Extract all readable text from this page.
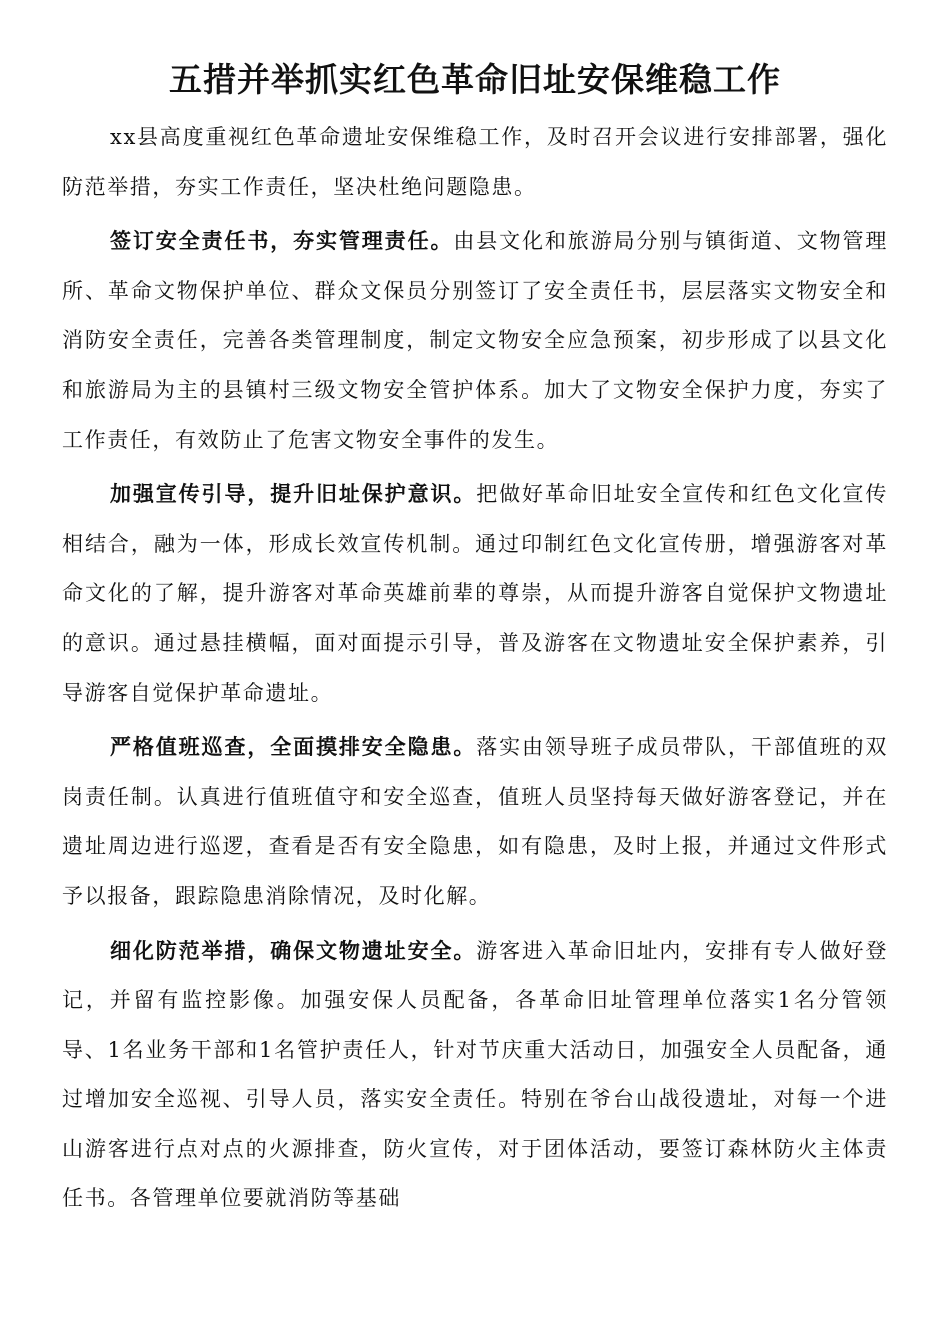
五措并举抓实红色革命旧址安保维稳工作

xx县高度重视红色革命遗址安保维稳工作，及时召开会议进行安排部署，强化防范举措，夯实工作责任，坚决杜绝问题隐患。

签订安全责任书，夯实管理责任。由县文化和旅游局分别与镇街道、文物管理所、革命文物保护单位、群众文保员分别签订了安全责任书，层层落实文物安全和消防安全责任，完善各类管理制度，制定文物安全应急预案，初步形成了以县文化和旅游局为主的县镇村三级文物安全管护体系。加大了文物安全保护力度，夯实了工作责任，有效防止了危害文物安全事件的发生。

加强宣传引导，提升旧址保护意识。把做好革命旧址安全宣传和红色文化宣传相结合，融为一体，形成长效宣传机制。通过印制红色文化宣传册，增强游客对革命文化的了解，提升游客对革命英雄前辈的尊崇，从而提升游客自觉保护文物遗址的意识。通过悬挂横幅，面对面提示引导，普及游客在文物遗址安全保护素养，引导游客自觉保护革命遗址。

严格值班巡查，全面摸排安全隐患。落实由领导班子成员带队，干部值班的双岗责任制。认真进行值班值守和安全巡查，值班人员坚持每天做好游客登记，并在遗址周边进行巡逻，查看是否有安全隐患，如有隐患，及时上报，并通过文件形式予以报备，跟踪隐患消除情况，及时化解。

细化防范举措，确保文物遗址安全。游客进入革命旧址内，安排有专人做好登记，并留有监控影像。加强安保人员配备，各革命旧址管理单位落实1名分管领导、1名业务干部和1名管护责任人，针对节庆重大活动日，加强安全人员配备，通过增加安全巡视、引导人员，落实安全责任。特别在爷台山战役遗址，对每一个进山游客进行点对点的火源排查，防火宣传，对于团体活动，要签订森林防火主体责任书。各管理单位要就消防等基础
